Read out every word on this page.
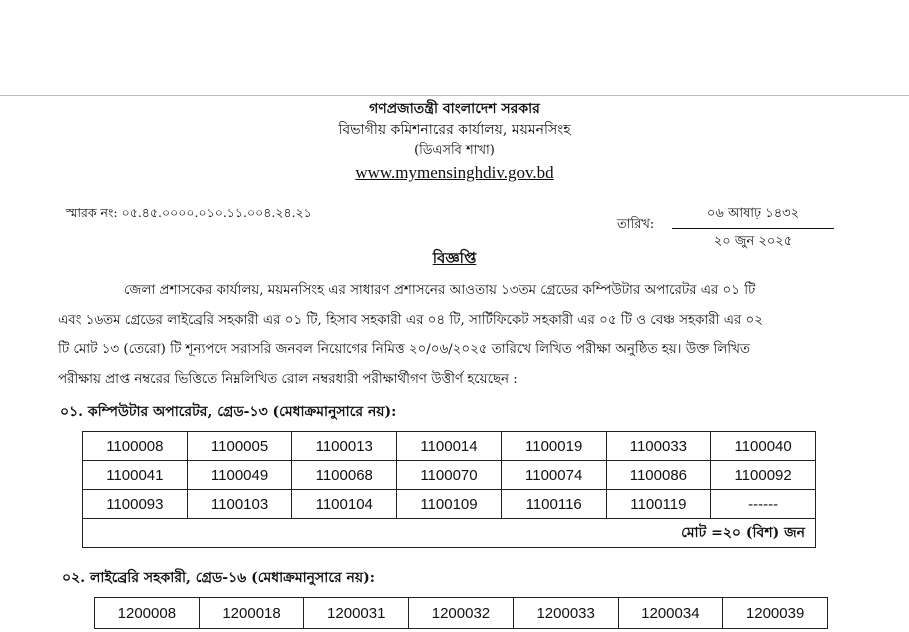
গণপ্রজাতন্ত্রী বাংলাদেশ সরকার
বিভাগীয় কমিশনারের কার্যালয়, ময়মনসিংহ
(ডিএসবি শাখা)
www.mymensinghdiv.gov.bd
স্মারক নং: ০৫.৪৫.০০০০.০১০.১১.০০৪.২৪.২১
তারিখ:
০৬ আষাঢ় ১৪৩২
২০ জুন ২০২৫
বিজ্ঞপ্তি
জেলা প্রশাসকের কার্যালয়, ময়মনসিংহ এর সাধারণ প্রশাসনের আওতায় ১৩তম গ্রেডের কম্পিউটার অপারেটর এর ০১ টি
এবং ১৬তম গ্রেডের লাইব্রেরি সহকারী এর ০১ টি, হিসাব সহকারী এর ০৪ টি, সার্টিফিকেট সহকারী এর ০৫ টি ও বেঞ্চ সহকারী এর ০২
টি মোট ১৩ (তেরো) টি শূন্যপদে সরাসরি জনবল নিয়োগের নিমিত্ত ২০/০৬/২০২৫ তারিখে লিখিত পরীক্ষা অনুষ্ঠিত হয়। উক্ত লিখিত
পরীক্ষায় প্রাপ্ত নম্বরের ভিত্তিতে নিম্নলিখিত রোল নম্বরধারী পরীক্ষার্থীগণ উত্তীর্ণ হয়েছেন :
০১. কম্পিউটার অপারেটর, গ্রেড-১৩ (মেধাক্রমানুসারে নয়):
1100008	1100005	1100013	1100014	1100019	1100033	1100040
1100041	1100049	1100068	1100070	1100074	1100086	1100092
1100093	1100103	1100104	1100109	1100116	1100119	------
মোট =২০ (বিশ) জন						
০২. লাইব্রেরি সহকারী, গ্রেড-১৬ (মেধাক্রমানুসারে নয়):
1200008	1200018	1200031	1200032	1200033	1200034	1200039
